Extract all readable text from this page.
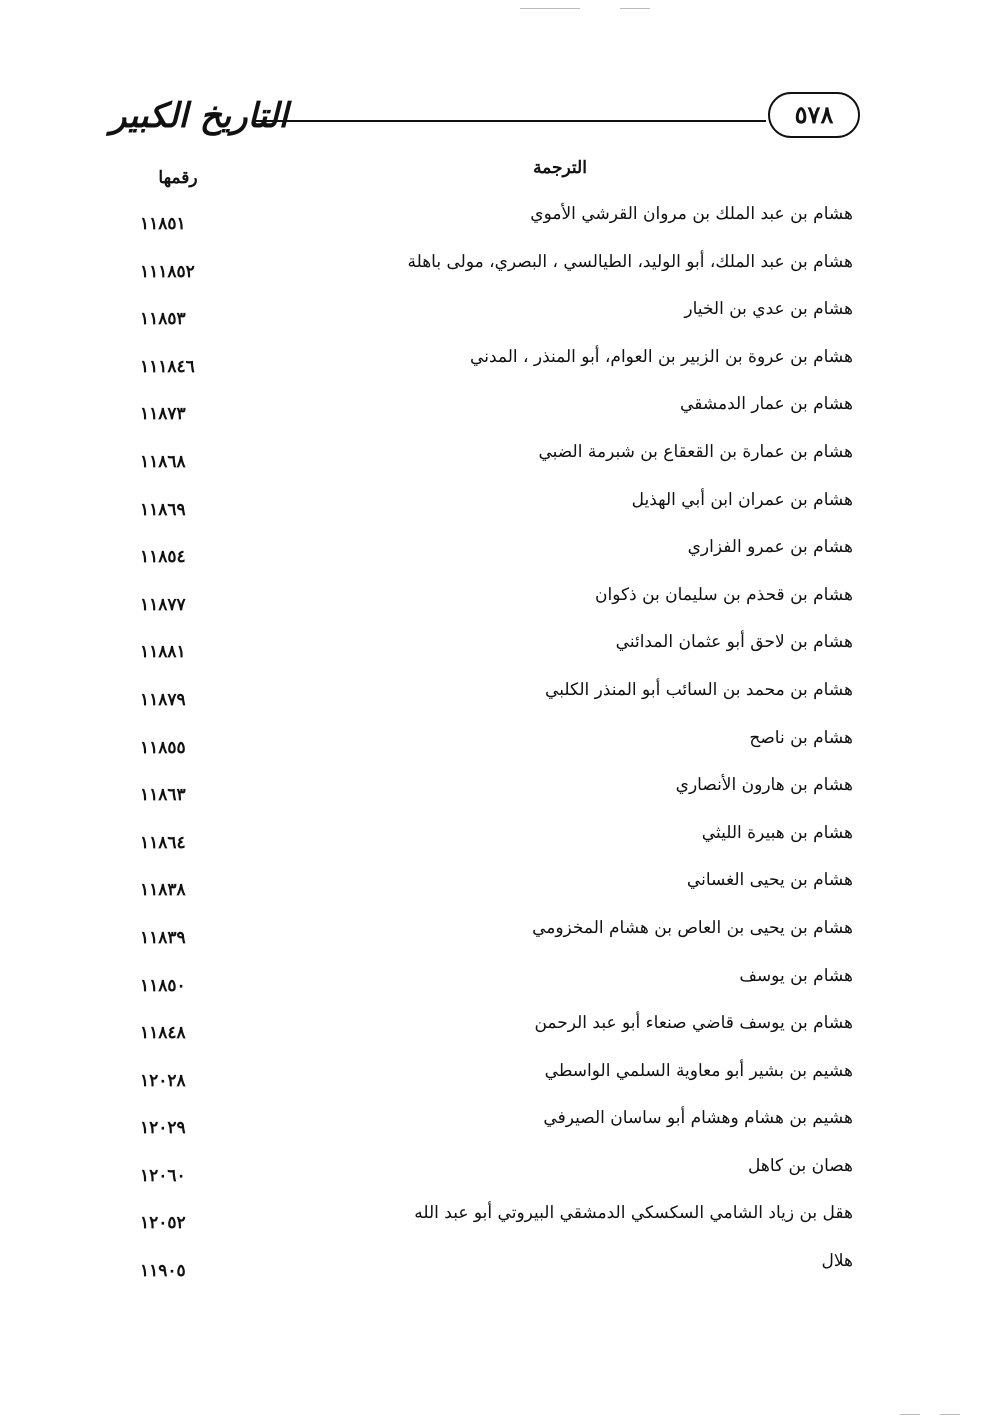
التاريخ الكبير	٥٧٨
الترجمة
رقمها
هشام بن عبد الملك بن مروان القرشي الأموي
١١٨٥١
هشام بن عبد الملك، أبو الوليد، الطيالسي ، البصري، مولى باهلة
١١١٨٥٢
هشام بن عدي بن الخيار
١١٨٥٣
هشام بن عروة بن الزبير بن العوام، أبو المنذر ، المدني
١١١٨٤٦
هشام بن عمار الدمشقي
١١٨٧٣
هشام بن عمارة بن القعقاع بن شبرمة الضبي
١١٨٦٨
هشام بن عمران ابن أبي الهذيل
١١٨٦٩
هشام بن عمرو الفزاري
١١٨٥٤
هشام بن قحذم بن سليمان بن ذكوان
١١٨٧٧
هشام بن لاحق أبو عثمان المدائني
١١٨٨١
هشام بن محمد بن السائب أبو المنذر الكلبي
١١٨٧٩
هشام بن ناصح
١١٨٥٥
هشام بن هارون الأنصاري
١١٨٦٣
هشام بن هبيرة الليثي
١١٨٦٤
هشام بن يحيى الغساني
١١٨٣٨
هشام بن يحيى بن العاص بن هشام المخزومي
١١٨٣٩
هشام بن يوسف
١١٨٥٠
هشام بن يوسف قاضي صنعاء أبو عبد الرحمن
١١٨٤٨
هشيم بن بشير أبو معاوية السلمي الواسطي
١٢٠٢٨
هشيم بن هشام وهشام أبو ساسان الصيرفي
١٢٠٢٩
هصان بن كاهل
١٢٠٦٠
هقل بن زياد الشامي السكسكي الدمشقي البيروتي أبو عبد الله
١٢٠٥٢
هلال
١١٩٠٥
